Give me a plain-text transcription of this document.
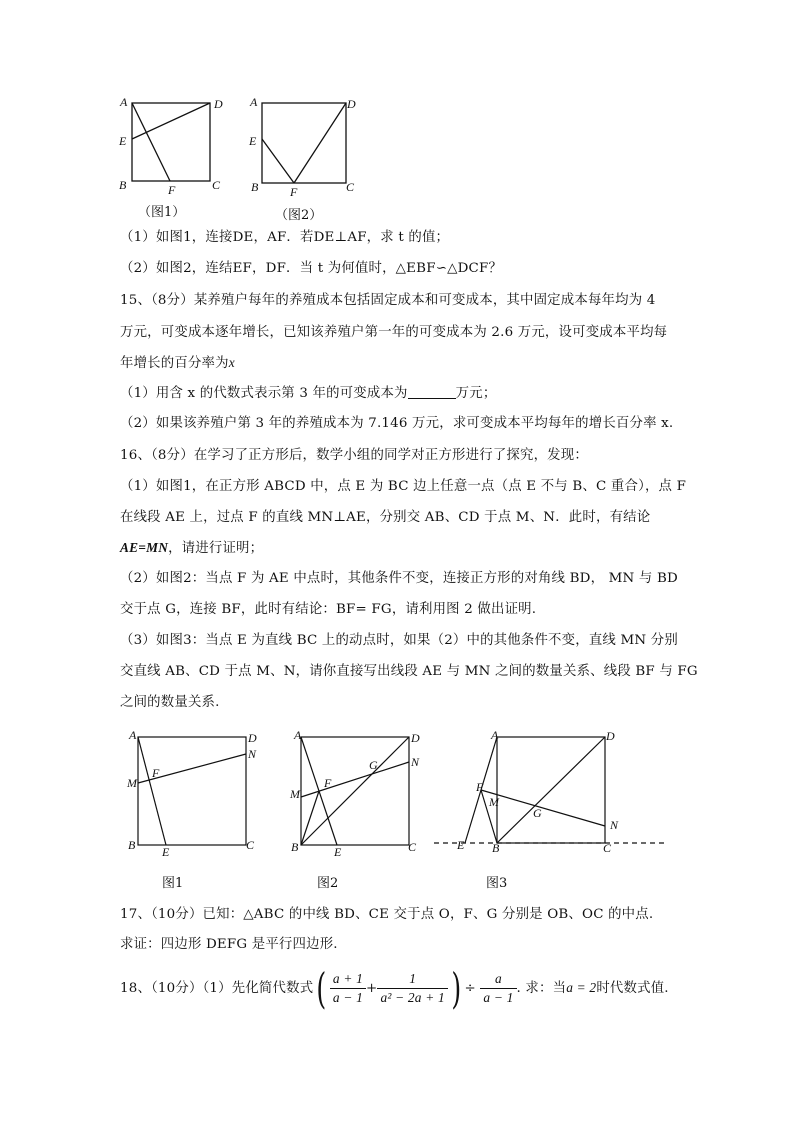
A	D
E
B	F	C
（图1）
A	D
E
B	F	C
（图2）
（1）如图1，连接DE，AF．若DE⊥AF，求 t 的值；
（2）如图2，连结EF，DF．当 t 为何值时，△EBF∽△DCF？
15、（8分）某养殖户每年的养殖成本包括固定成本和可变成本，其中固定成本每年均为 4
万元，可变成本逐年增长，已知该养殖户第一年的可变成本为 2.6 万元，设可变成本平均每
年增长的百分率为x
（1）用含 x 的代数式表示第 3 年的可变成本为	万元；
（2）如果该养殖户第 3 年的养殖成本为 7.146 万元，求可变成本平均每年的增长百分率 x.
16、（8分）在学习了正方形后，数学小组的同学对正方形进行了探究，发现：
（1）如图1，在正方形 ABCD 中，点 E 为 BC 边上任意一点（点 E 不与 B、C 重合），点 F
在线段 AE 上，过点 F 的直线 MN⊥AE，分别交 AB、CD 于点 M、N．此时，有结论
AE=MN，请进行证明；
（2）如图2：当点 F 为 AE 中点时，其他条件不变，连接正方形的对角线 BD， MN 与 BD
交于点 G，连接 BF，此时有结论：BF= FG，请利用图 2 做出证明.
（3）如图3：当点 E 为直线 BC 上的动点时，如果（2）中的其他条件不变，直线 MN 分别
交直线 AB、CD 于点 M、N，请你直接写出线段 AE 与 MN 之间的数量关系、线段 BF 与 FG
之间的数量关系.
A	D
N
F
M
B E	C
图1
A	D
G	N
F
M
B	E	C
图2
A	D
F
M
G
N
E B	C
图3
17、（10分）已知：△ABC 的中线 BD、CE 交于点 O，F、G 分别是 OB、OC 的中点.
求证：四边形 DEFG 是平行四边形.
18、（10分）（1）先化简代数式( $\frac{a + 1}{a - 1} + \frac{1}{\text{a² − 2a + 1}}$ ) ÷ $\frac{a}{a - 1}$ . 求：当a = 2时代数式值.
